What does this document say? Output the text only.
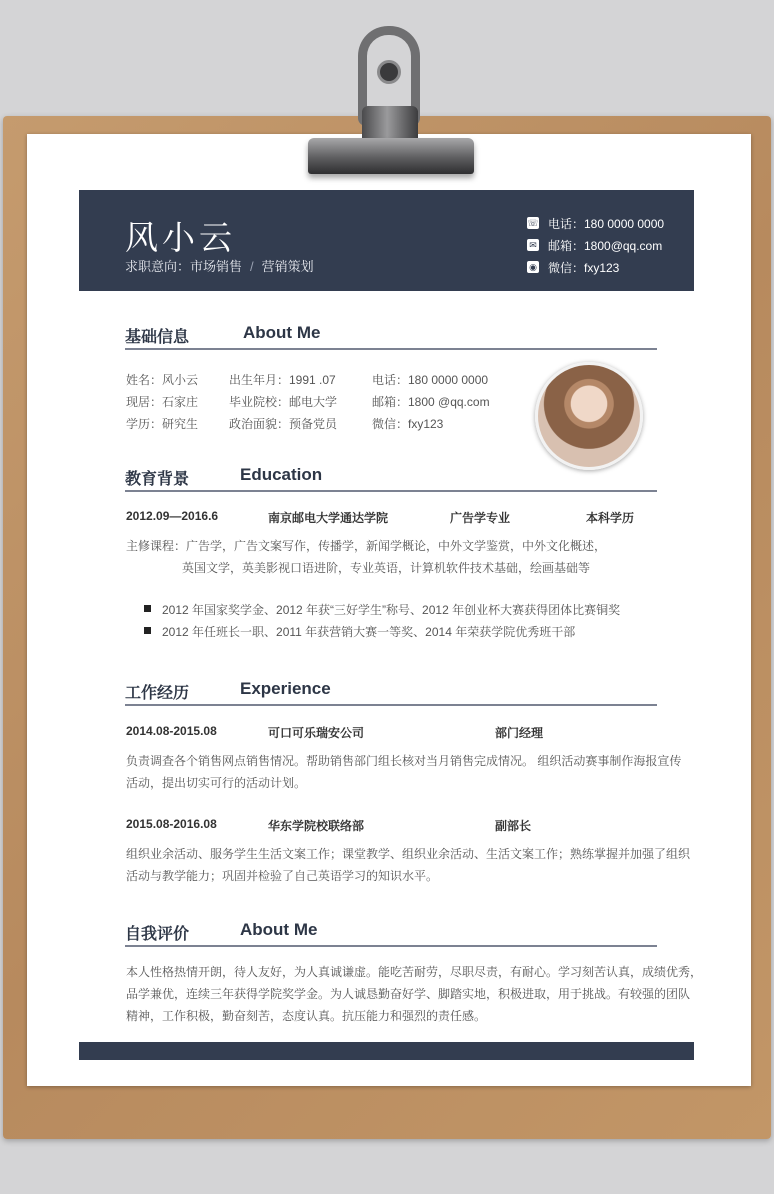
风小云
求职意向：市场销售 / 营销策划
☏ 电话：180 0000 0000
✉ 邮箱：1800@qq.com
◉ 微信：fxy123
基础信息	About Me
姓名：风小云	出生年月：1991 .07	电话：180 0000 0000
现居：石家庄	毕业院校：邮电大学	邮箱：1800 @qq.com
学历：研究生	政治面貌：预备党员	微信：fxy123
教育背景	Education
2012.09—2016.6	南京邮电大学通达学院	广告学专业	本科学历
主修课程：广告学，广告文案写作，传播学，新闻学概论，中外文学鉴赏，中外文化概述，
英国文学，英美影视口语进阶，专业英语，计算机软件技术基础，绘画基础等
2012 年国家奖学金、2012 年获“三好学生”称号、2012 年创业杯大赛获得团体比赛铜奖
2012 年任班长一职、2011 年获营销大赛一等奖、2014 年荣获学院优秀班干部
工作经历	Experience
2014.08-2015.08	可口可乐瑞安公司	部门经理
负责调查各个销售网点销售情况。帮助销售部门组长核对当月销售完成情况。 组织活动赛事制作海报宣传
活动，提出切实可行的活动计划。
2015.08-2016.08	华东学院校联络部	副部长
组织业余活动、服务学生生活文案工作；课堂教学、组织业余活动、生活文案工作；熟练掌握并加强了组织
活动与教学能力；巩固并检验了自己英语学习的知识水平。
自我评价	About Me
本人性格热情开朗，待人友好，为人真诚谦虚。能吃苦耐劳，尽职尽责，有耐心。学习刻苦认真，成绩优秀，
品学兼优，连续三年获得学院奖学金。为人诚恳勤奋好学、脚踏实地，积极进取，用于挑战。有较强的团队
精神，工作积极，勤奋刻苦，态度认真。抗压能力和强烈的责任感。
